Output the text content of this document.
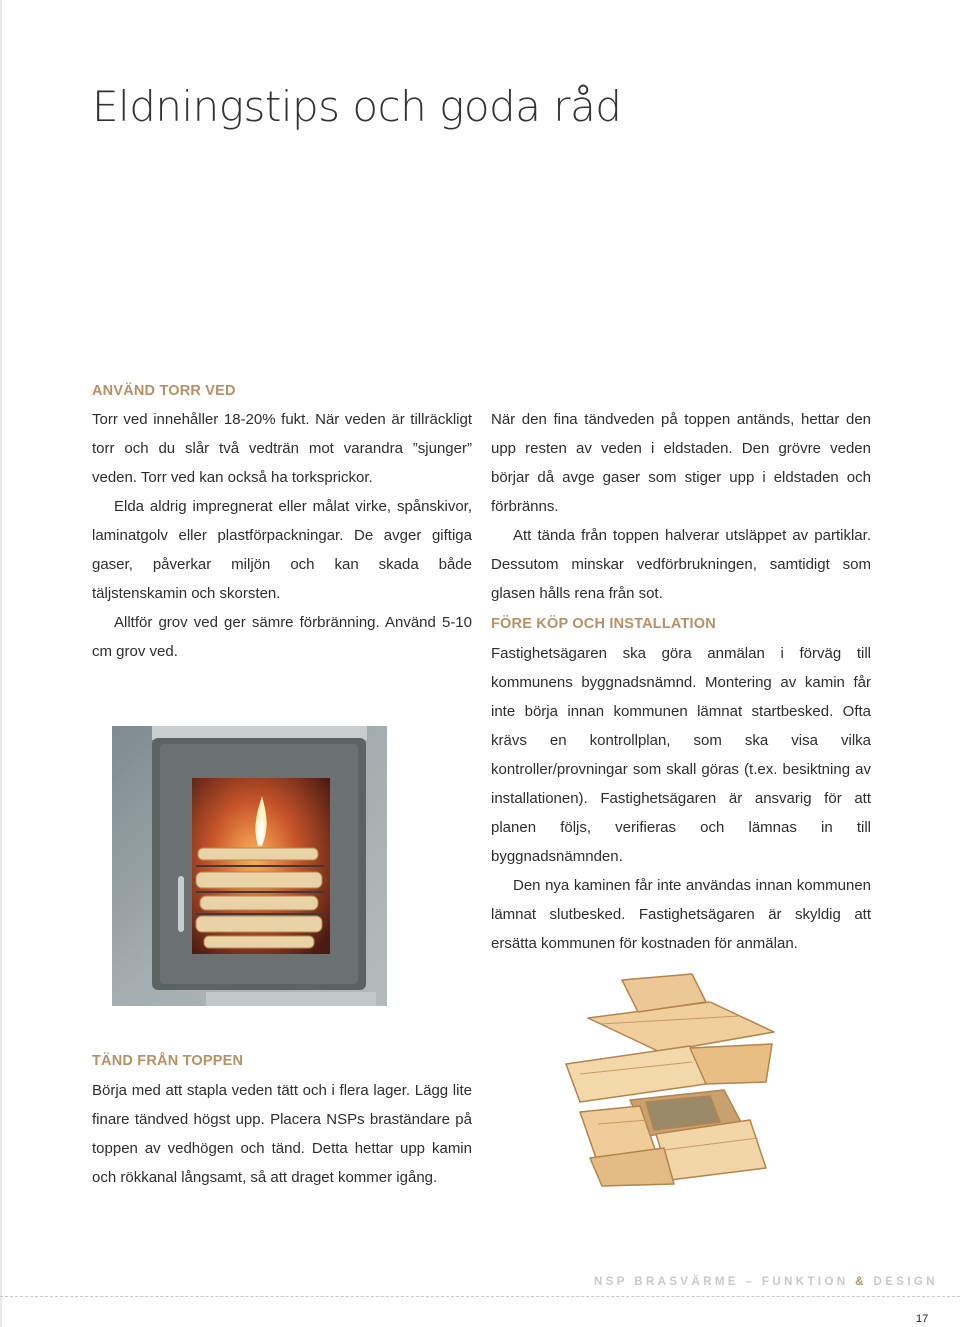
Eldningstips och goda råd
ANVÄND TORR VED

Torr ved innehåller 18-20% fukt. När veden är tillräckligt torr och du slår två vedträn mot varandra ”sjunger” veden. Torr ved kan också ha torksprickor.

Elda aldrig impregnerat eller målat virke, spånskivor, laminatgolv eller plastförpackningar. De avger giftiga gaser, påverkar miljön och kan skada både täljstenskamin och skorsten.

Alltför grov ved ger sämre förbränning. Använd 5-10 cm grov ved.

När den fina tändveden på toppen antänds, hettar den upp resten av veden i eldstaden. Den grövre veden börjar då avge gaser som stiger upp i eldstaden och förbränns.

Att tända från toppen halverar utsläppet av partiklar. Dessutom minskar vedförbrukningen, samtidigt som glasen hålls rena från sot.

FÖRE KÖP OCH INSTALLATION

Fastighetsägaren ska göra anmälan i förväg till kommunens byggnadsnämnd. Montering av kamin får inte börja innan kommunen lämnat startbesked. Ofta krävs en kontrollplan, som ska visa vilka kontroller/provningar som skall göras (t.ex. besiktning av installationen). Fastighetsägaren är ansvarig för att planen följs, verifieras och lämnas in till byggnadsnämnden.

Den nya kaminen får inte användas innan kommunen lämnat slutbesked. Fastighetsägaren är skyldig att ersätta kommunen för kostnaden för anmälan.

TÄND FRÅN TOPPEN

Börja med att stapla veden tätt och i flera lager. Lägg lite finare tändved högst upp. Placera NSPs braständare på toppen av vedhögen och tänd. Detta hettar upp kamin och rökkanal långsamt, så att draget kommer igång.

NSP BRASVÄRME – FUNKTION & DESIGN
17
